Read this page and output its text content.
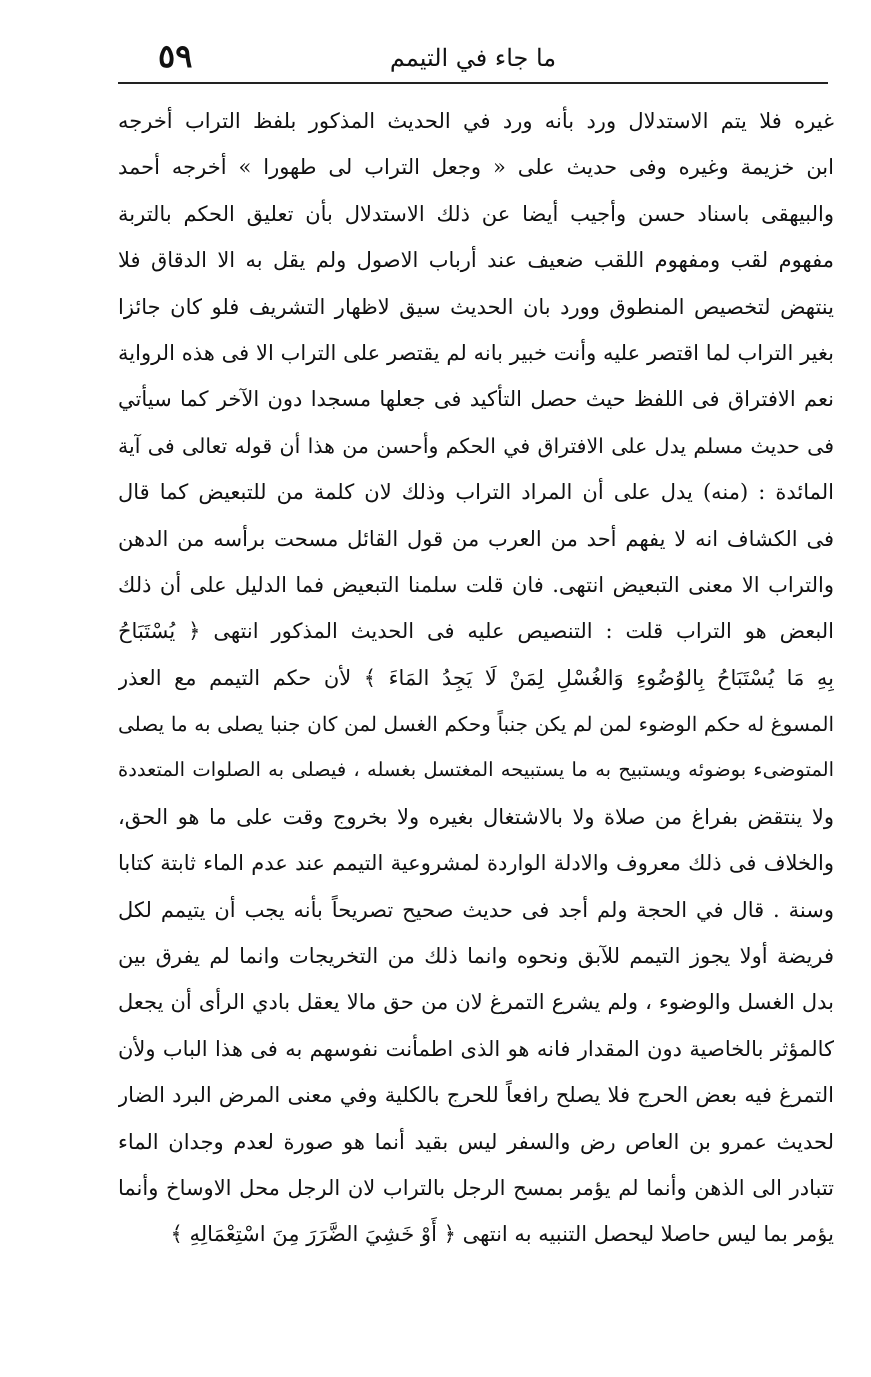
ما جاء في التيمم
٥٩
غيره فلا يتم الاستدلال ورد بأنه ورد في الحديث المذكور بلفظ التراب أخرجه
ابن خزيمة وغيره وفى حديث على « وجعل التراب لى طهورا » أخرجه أحمد
والبيهقى باسناد حسن وأجيب أيضا عن ذلك الاستدلال بأن تعليق الحكم بالتربة
مفهوم لقب ومفهوم اللقب ضعيف عند أرباب الاصول ولم يقل به الا الدقاق فلا
ينتهض لتخصيص المنطوق وورد بان الحديث سيق لاظهار التشريف فلو كان جائزا
بغير التراب لما اقتصر عليه وأنت خبير بانه لم يقتصر على التراب الا فى هذه الرواية
نعم الافتراق فى اللفظ حيث حصل التأكيد فى جعلها مسجدا دون الآخر كما سيأتي
فى حديث مسلم يدل على الافتراق في الحكم وأحسن من هذا أن قوله تعالى فى آية
المائدة : (منه) يدل على أن المراد التراب وذلك لان كلمة من للتبعيض كما قال
فى الكشاف انه لا يفهم أحد من العرب من قول القائل مسحت برأسه من الدهن
والتراب الا معنى التبعيض انتهى. فان قلت سلمنا التبعيض فما الدليل على أن ذلك
البعض هو التراب قلت : التنصيص عليه فى الحديث المذكور انتهى ﴿ يُسْتَبَاحُ
بِهِ مَا يُسْتَبَاحُ بِالوُضُوءِ وَالغُسْلِ لِمَنْ لَا يَجِدُ المَاءَ ﴾ لأن حكم التيمم مع العذر
المسوغ له حكم الوضوء لمن لم يكن جنباً وحكم الغسل لمن كان جنبا يصلى به ما يصلى
المتوضىء بوضوئه ويستبيح به ما يستبيحه المغتسل بغسله ، فيصلى به الصلوات المتعددة
ولا ينتقض بفراغ من صلاة ولا بالاشتغال بغيره ولا بخروج وقت على ما هو الحق،
والخلاف فى ذلك معروف والادلة الواردة لمشروعية التيمم عند عدم الماء ثابتة كتابا
وسنة . قال في الحجة ولم أجد فى حديث صحيح تصريحاً بأنه يجب أن يتيمم لكل
فريضة أولا يجوز التيمم للآبق ونحوه وانما ذلك من التخريجات وانما لم يفرق بين
بدل الغسل والوضوء ، ولم يشرع التمرغ لان من حق مالا يعقل بادي الرأى أن يجعل
كالمؤثر بالخاصية دون المقدار فانه هو الذى اطمأنت نفوسهم به فى هذا الباب ولأن
التمرغ فيه بعض الحرج فلا يصلح رافعاً للحرج بالكلية وفي معنى المرض البرد الضار
لحديث عمرو بن العاص رض والسفر ليس بقيد أنما هو صورة لعدم وجدان الماء
تتبادر الى الذهن وأنما لم يؤمر بمسح الرجل بالتراب لان الرجل محل الاوساخ وأنما
يؤمر بما ليس حاصلا ليحصل التنبيه به انتهى ﴿ أَوْ خَشِيَ الضَّرَرَ مِنَ اسْتِعْمَالِهِ ﴾
